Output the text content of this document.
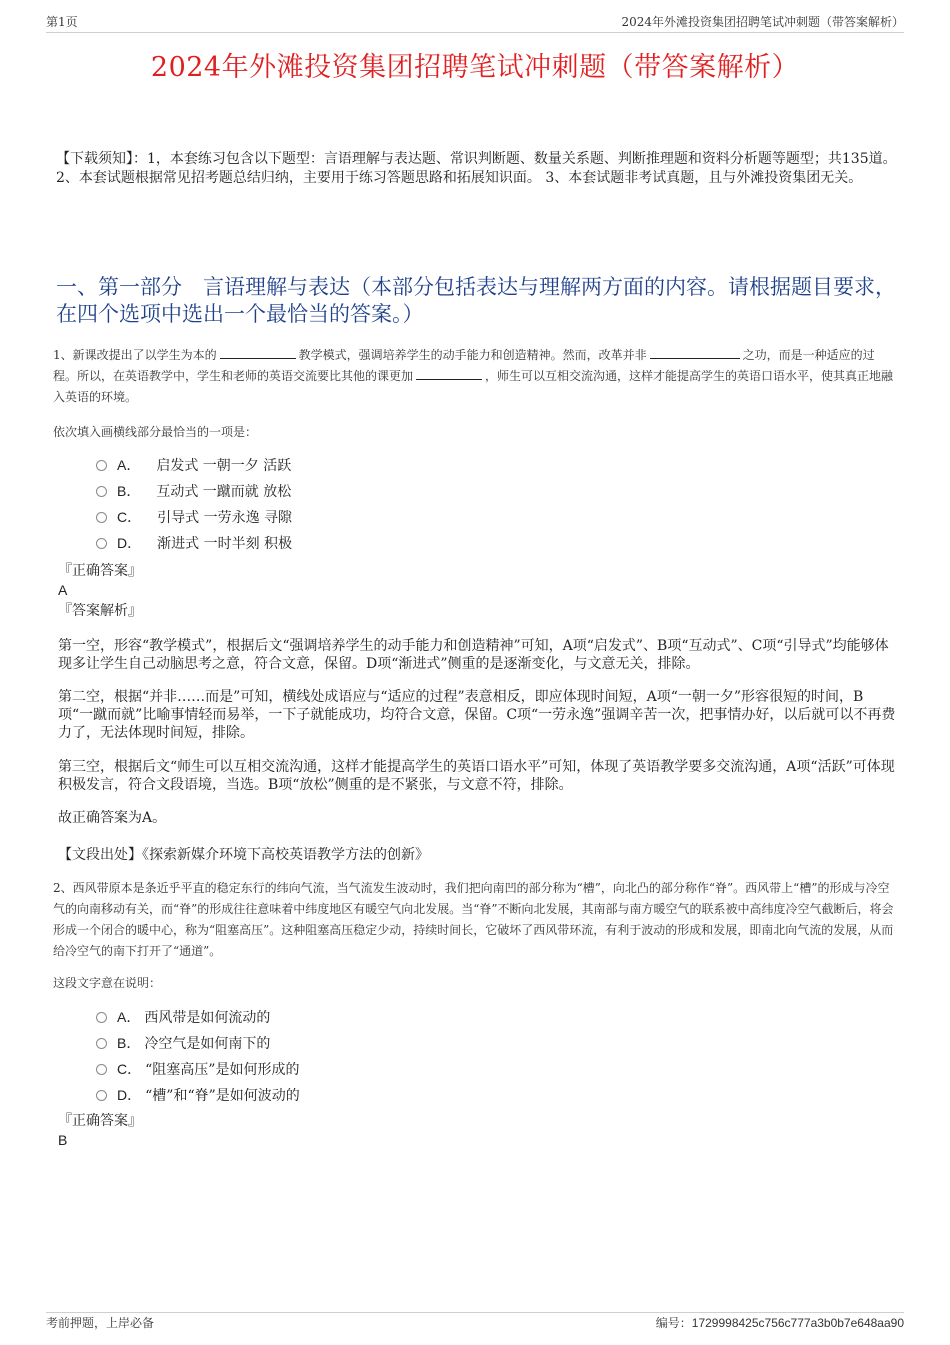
第1页	2024年外滩投资集团招聘笔试冲刺题（带答案解析）
2024年外滩投资集团招聘笔试冲刺题（带答案解析）
【下载须知】：1，本套练习包含以下题型：言语理解与表达题、常识判断题、数量关系题、判断推理题和资料分析题等题型；共135道。 2、本套试题根据常见招考题总结归纳，主要用于练习答题思路和拓展知识面。 3、本套试题非考试真题，且与外滩投资集团无关。
一、第一部分　言语理解与表达（本部分包括表达与理解两方面的内容。请根据题目要求，在四个选项中选出一个最恰当的答案。）
1、新课改提出了以学生为本的	教学模式，强调培养学生的动手能力和创造精神。然而，改革并非	之功，而是一种适应的过程。所以，在英语教学中，学生和老师的英语交流要比其他的课更加	，师生可以互相交流沟通，这样才能提高学生的英语口语水平，使其真正地融入英语的环境。
依次填入画横线部分最恰当的一项是：
A． 启发式 一朝一夕 活跃
B． 互动式 一蹴而就 放松
C． 引导式 一劳永逸 寻隙
D． 渐进式 一时半刻 积极
『正确答案』
A
『答案解析』
第一空，形容“教学模式”，根据后文“强调培养学生的动手能力和创造精神”可知，A项“启发式”、B项“互动式”、C项“引导式”均能够体现多让学生自己动脑思考之意，符合文意，保留。D项“渐进式”侧重的是逐渐变化，与文意无关，排除。
第二空，根据“并非……而是”可知，横线处成语应与“适应的过程”表意相反，即应体现时间短，A项“一朝一夕”形容很短的时间，B项“一蹴而就”比喻事情轻而易举，一下子就能成功，均符合文意，保留。C项“一劳永逸”强调辛苦一次，把事情办好，以后就可以不再费力了，无法体现时间短，排除。
第三空，根据后文“师生可以互相交流沟通，这样才能提高学生的英语口语水平”可知，体现了英语教学要多交流沟通，A项“活跃”可体现积极发言，符合文段语境，当选。B项“放松”侧重的是不紧张，与文意不符，排除。
故正确答案为A。
【文段出处】《探索新媒介环境下高校英语教学方法的创新》
2、西风带原本是条近乎平直的稳定东行的纬向气流，当气流发生波动时，我们把向南凹的部分称为“槽”，向北凸的部分称作“脊”。西风带上“槽”的形成与冷空气的向南移动有关，而“脊”的形成往往意味着中纬度地区有暖空气向北发展。当“脊”不断向北发展，其南部与南方暖空气的联系被中高纬度冷空气截断后，将会形成一个闭合的暖中心，称为“阻塞高压”。这种阻塞高压稳定少动，持续时间长，它破坏了西风带环流，有利于波动的形成和发展，即南北向气流的发展，从而给冷空气的南下打开了“通道”。
这段文字意在说明：
A． 西风带是如何流动的
B． 冷空气是如何南下的
C． “阻塞高压”是如何形成的
D． “槽”和“脊”是如何波动的
『正确答案』
B
考前押题，上岸必备	编号：1729998425c756c777a3b0b7e648aa90
